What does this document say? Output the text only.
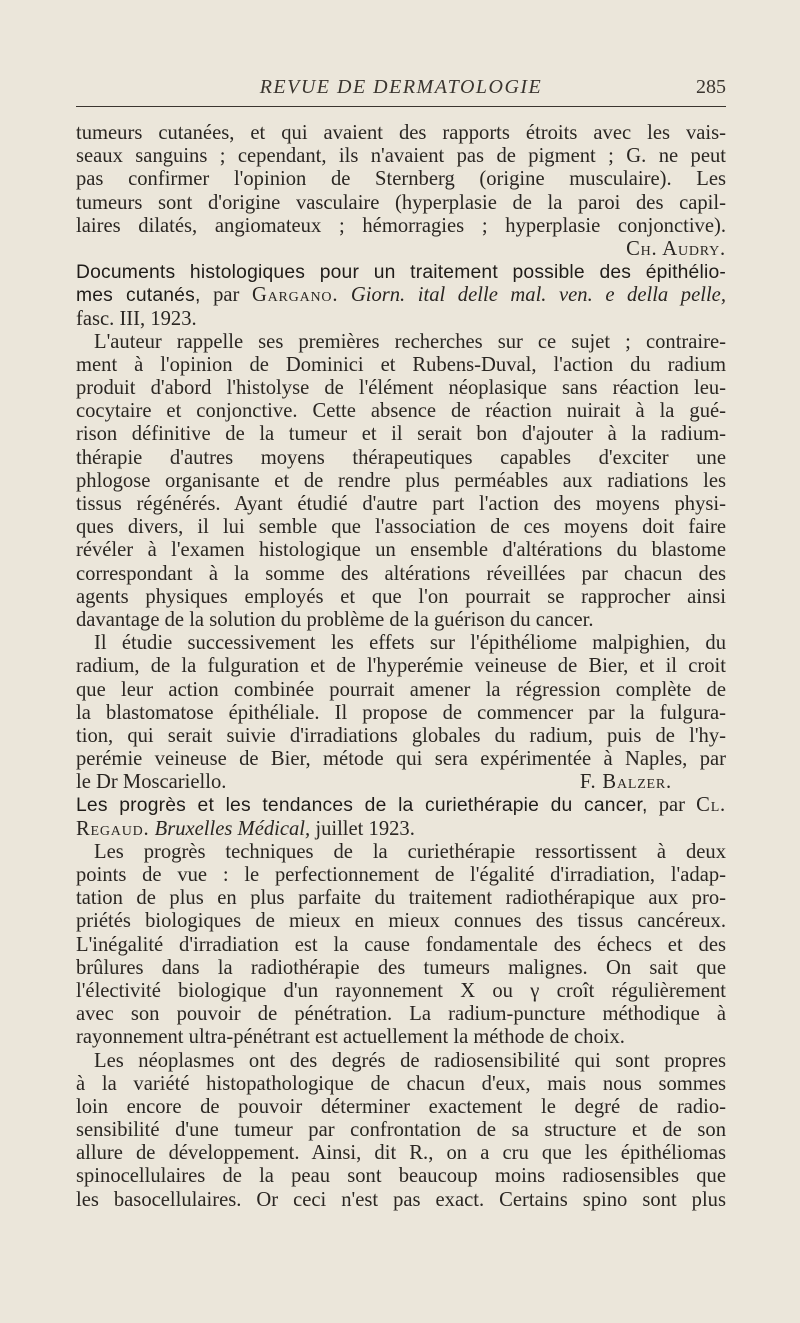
REVUE DE DERMATOLOGIE	285
tumeurs cutanées, et qui avaient des rapports étroits avec les vais-
seaux sanguins ; cependant, ils n'avaient pas de pigment ; G. ne peut
pas confirmer l'opinion de Sternberg (origine musculaire). Les
tumeurs sont d'origine vasculaire (hyperplasie de la paroi des capil-
laires dilatés, angiomateux ; hémorragies ; hyperplasie conjonctive).
Ch. Audry.
Documents histologiques pour un traitement possible des épithélio-
mes cutanés, par Gargano. Giorn. ital delle mal. ven. e della pelle,
fasc. III, 1923.
L'auteur rappelle ses premières recherches sur ce sujet ; contraire-
ment à l'opinion de Dominici et Rubens-Duval, l'action du radium
produit d'abord l'histolyse de l'élément néoplasique sans réaction leu-
cocytaire et conjonctive. Cette absence de réaction nuirait à la gué-
rison définitive de la tumeur et il serait bon d'ajouter à la radium-
thérapie d'autres moyens thérapeutiques capables d'exciter une
phlogose organisante et de rendre plus perméables aux radiations les
tissus régénérés. Ayant étudié d'autre part l'action des moyens physi-
ques divers, il lui semble que l'association de ces moyens doit faire
révéler à l'examen histologique un ensemble d'altérations du blastome
correspondant à la somme des altérations réveillées par chacun des
agents physiques employés et que l'on pourrait se rapprocher ainsi
davantage de la solution du problème de la guérison du cancer.
Il étudie successivement les effets sur l'épithéliome malpighien, du
radium, de la fulguration et de l'hyperémie veineuse de Bier, et il croit
que leur action combinée pourrait amener la régression complète de
la blastomatose épithéliale. Il propose de commencer par la fulgura-
tion, qui serait suivie d'irradiations globales du radium, puis de l'hy-
perémie veineuse de Bier, métode qui sera expérimentée à Naples, par
le Dr Moscariello.	F. Balzer.
Les progrès et les tendances de la curiethérapie du cancer, par Cl.
Regaud. Bruxelles Médical, juillet 1923.
Les progrès techniques de la curiethérapie ressortissent à deux
points de vue : le perfectionnement de l'égalité d'irradiation, l'adap-
tation de plus en plus parfaite du traitement radiothérapique aux pro-
priétés biologiques de mieux en mieux connues des tissus cancéreux.
L'inégalité d'irradiation est la cause fondamentale des échecs et des
brûlures dans la radiothérapie des tumeurs malignes. On sait que
l'électivité biologique d'un rayonnement X ou γ croît régulièrement
avec son pouvoir de pénétration. La radium-puncture méthodique à
rayonnement ultra-pénétrant est actuellement la méthode de choix.
Les néoplasmes ont des degrés de radiosensibilité qui sont propres
à la variété histopathologique de chacun d'eux, mais nous sommes
loin encore de pouvoir déterminer exactement le degré de radio-
sensibilité d'une tumeur par confrontation de sa structure et de son
allure de développement. Ainsi, dit R., on a cru que les épithéliomas
spinocellulaires de la peau sont beaucoup moins radiosensibles que
les basocellulaires. Or ceci n'est pas exact. Certains spino sont plus
